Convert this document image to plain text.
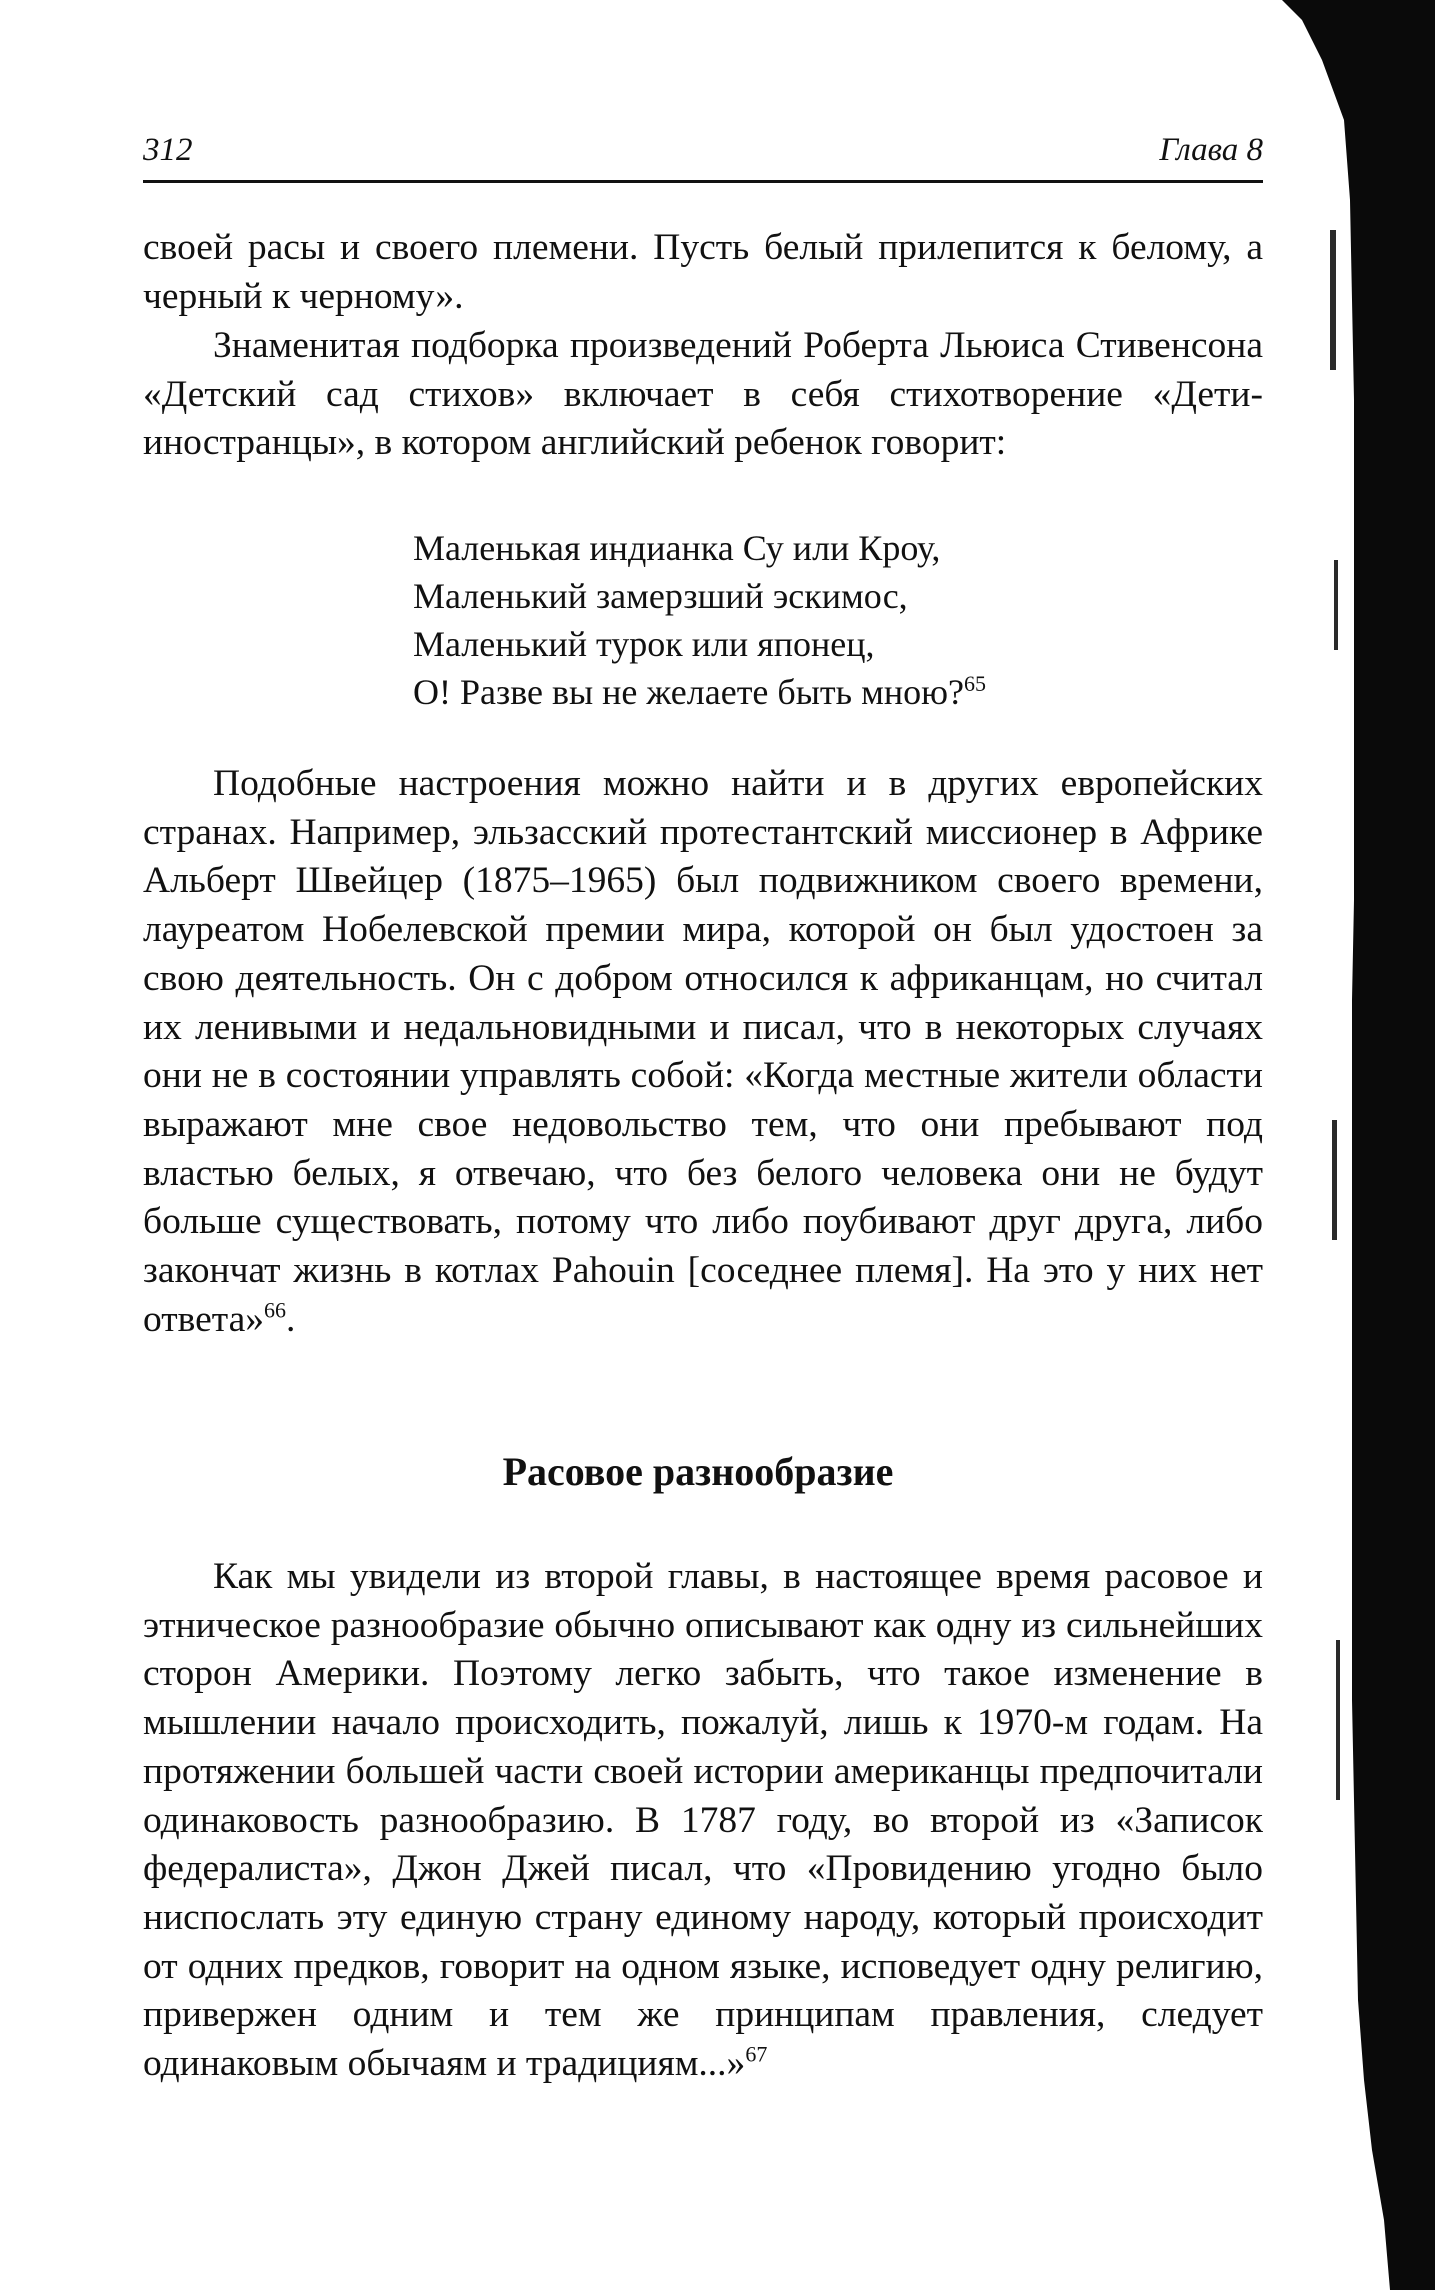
312	Глава 8

своей расы и своего племени. Пусть белый прилепится к белому, а черный к черному».

Знаменитая подборка произведений Роберта Льюиса Стивенсона «Детский сад стихов» включает в себя стихотворение «Дети-иностранцы», в котором английский ребенок говорит:

Маленькая индианка Су или Кроу,
Маленький замерзший эскимос,
Маленький турок или японец,
О! Разве вы не желаете быть мною?$^{65}$

Подобные настроения можно найти и в других европейских странах. Например, эльзасский протестантский миссионер в Африке Альберт Швейцер (1875–1965) был подвижником своего времени, лауреатом Нобелевской премии мира, которой он был удостоен за свою деятельность. Он с добром относился к африканцам, но считал их ленивыми и недальновидными и писал, что в некоторых случаях они не в состоянии управлять собой: «Когда местные жители области выражают мне свое недовольство тем, что они пребывают под властью белых, я отвечаю, что без белого человека они не будут больше существовать, потому что либо поубивают друг друга, либо закончат жизнь в котлах Pahouin [соседнее племя]. На это у них нет ответа»$^{66}$.

Расовое разнообразие

Как мы увидели из второй главы, в настоящее время расовое и этническое разнообразие обычно описывают как одну из сильнейших сторон Америки. Поэтому легко забыть, что такое изменение в мышлении начало происходить, пожалуй, лишь к 1970-м годам. На протяжении большей части своей истории американцы предпочитали одинаковость разнообразию. В 1787 году, во второй из «Записок федералиста», Джон Джей писал, что «Провидению угодно было ниспослать эту единую страну единому народу, который происходит от одних предков, говорит на одном языке, исповедует одну религию, привержен одним и тем же принципам правления, следует одинаковым обычаям и традициям...»$^{67}$
